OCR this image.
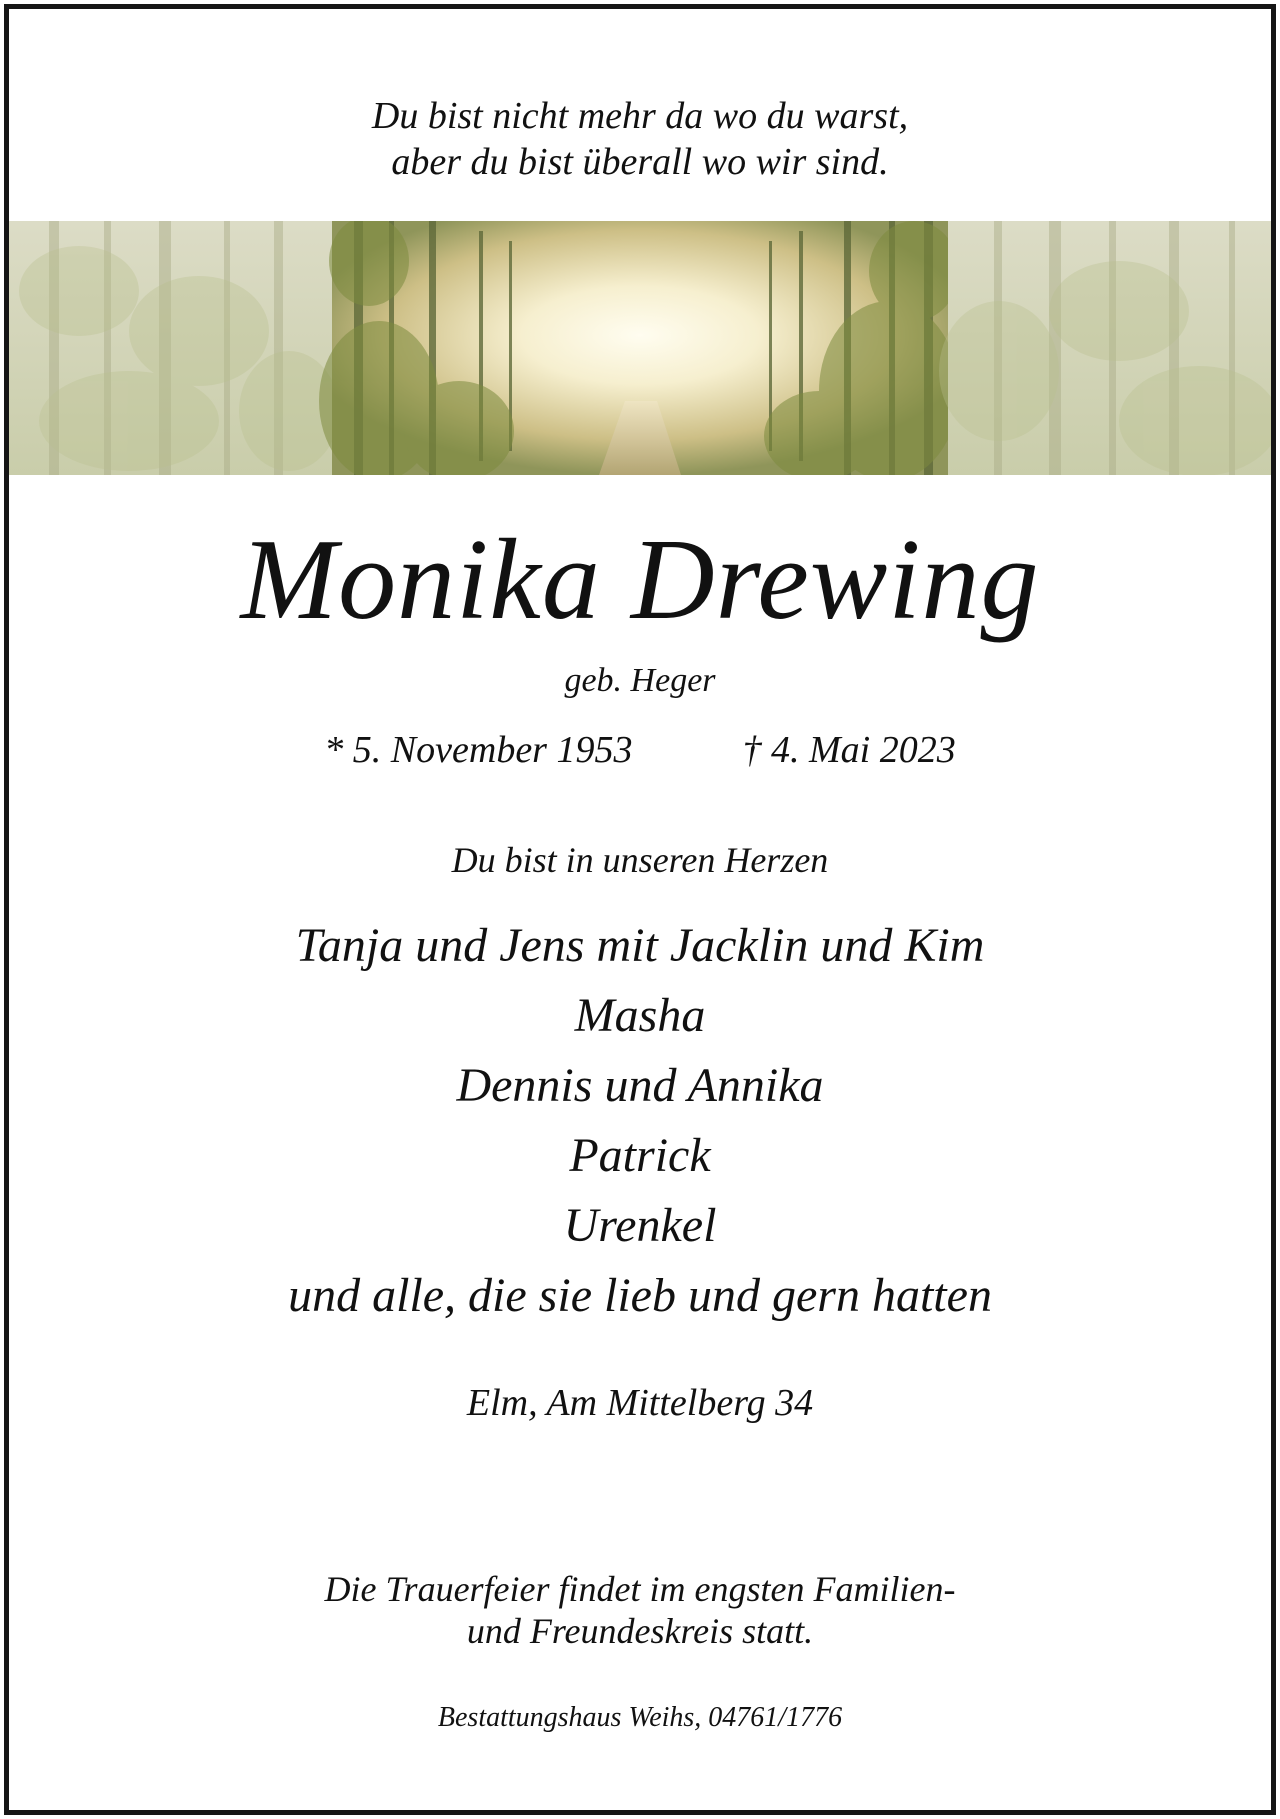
Du bist nicht mehr da wo du warst,
aber du bist überall wo wir sind.
Monika Drewing
geb. Heger
* 5. November 1953	† 4. Mai 2023
Du bist in unseren Herzen
Tanja und Jens mit Jacklin und Kim
Masha
Dennis und Annika
Patrick
Urenkel
und alle, die sie lieb und gern hatten
Elm, Am Mittelberg 34
Die Trauerfeier findet im engsten Familien-
und Freundeskreis statt.
Bestattungshaus Weihs, 04761/1776
